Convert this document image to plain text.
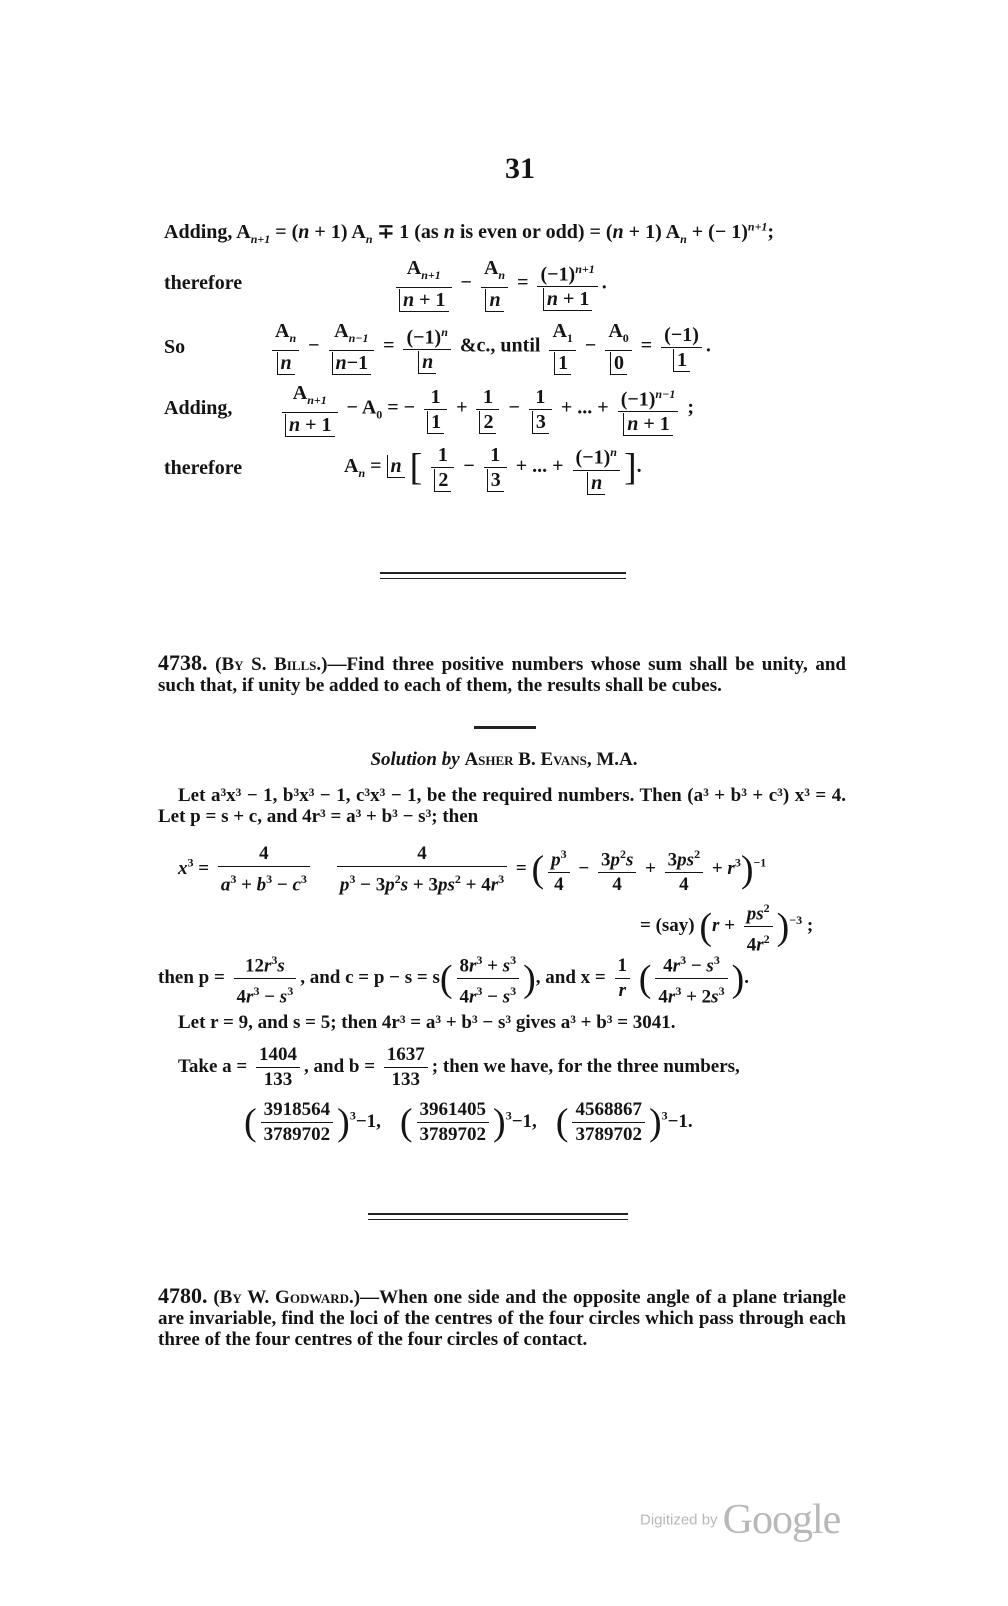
31
Adding, $A_{n+1} = (n + 1) A_n \mp 1$ (as n is even or odd) = (n + 1) $A_n$ + (− 1)$^{n+1}$;
therefore	$\frac{A_{n+1}}{n + 1} - \frac{A_n}{n} = \frac{(-1)^{n+1}}{n + 1}$ .
So	$\frac{A_n}{n} - \frac{A_{n-1}}{n-1} = \frac{(-1)^n}{n}$ &c., until $\frac{A_1}{1} - \frac{A_0}{0} = \frac{(-1)}{1}$ .
Adding, $\frac{A_{n+1}}{n + 1} - A_0$ = − $\frac{1}{1} + \frac{1}{2} - \frac{1}{3}$ + ... + $\frac{(-1)^{n-1}}{n + 1}$ ;
therefore	$A_n = n$ [ $\frac{1}{2} - \frac{1}{3}$ + ... + $\frac{(-1)^n}{n}$ ].
4738. (By S. Bills.)—Find three positive numbers whose sum shall be unity, and such that, if unity be added to each of them, the results shall be cubes.
Solution by Asher B. Evans, M.A.
Let a³x³ − 1, b³x³ − 1, c³x³ − 1, be the required numbers. Then (a³ + b³ + c³) x³ = 4. Let p = s + c, and 4r³ = a³ + b³ − s³; then
$x^3 = \frac{4}{a^3 + b^3 - c^3}$
$\frac{4}{p^3 - 3p^2s + 3ps^2 + 4r^3}$ = ( $\frac{p^3}{4} - \frac{3p^2s}{4} + \frac{3ps^2}{4} + r^3)^{-1}$
= (say) $(r + \frac{ps^2}{4r^2} )^{-3}$ ;
then $p = \frac{12r^3s}{4r^3 - s^3}$ , and $c = p - s = s( \frac{8r^3 + s^3}{4r^3 - s^3}$ ), and $x = \frac{1}{r}$ ( $\frac{4r^3 - s^3}{4r^3 + 2s^3}$ ).
Let r = 9, and s = 5; then 4r³ = a³ + b³ − s³ gives a³ + b³ = 3041.
Take $a = \frac{1404}{133}$ , and $b = \frac{1637}{133}$ ; then we have, for the three numbers,
( $\frac{3918564}{3789702} )^3-1$, ( $\frac{3961405}{3789702} )^3-1$, ( $\frac{4568867}{3789702} )^3-1$.
4780. (By W. Godward.)—When one side and the opposite angle of a plane triangle are invariable, find the loci of the centres of the four circles which pass through each three of the four centres of the four circles of contact.
Digitized by Google
